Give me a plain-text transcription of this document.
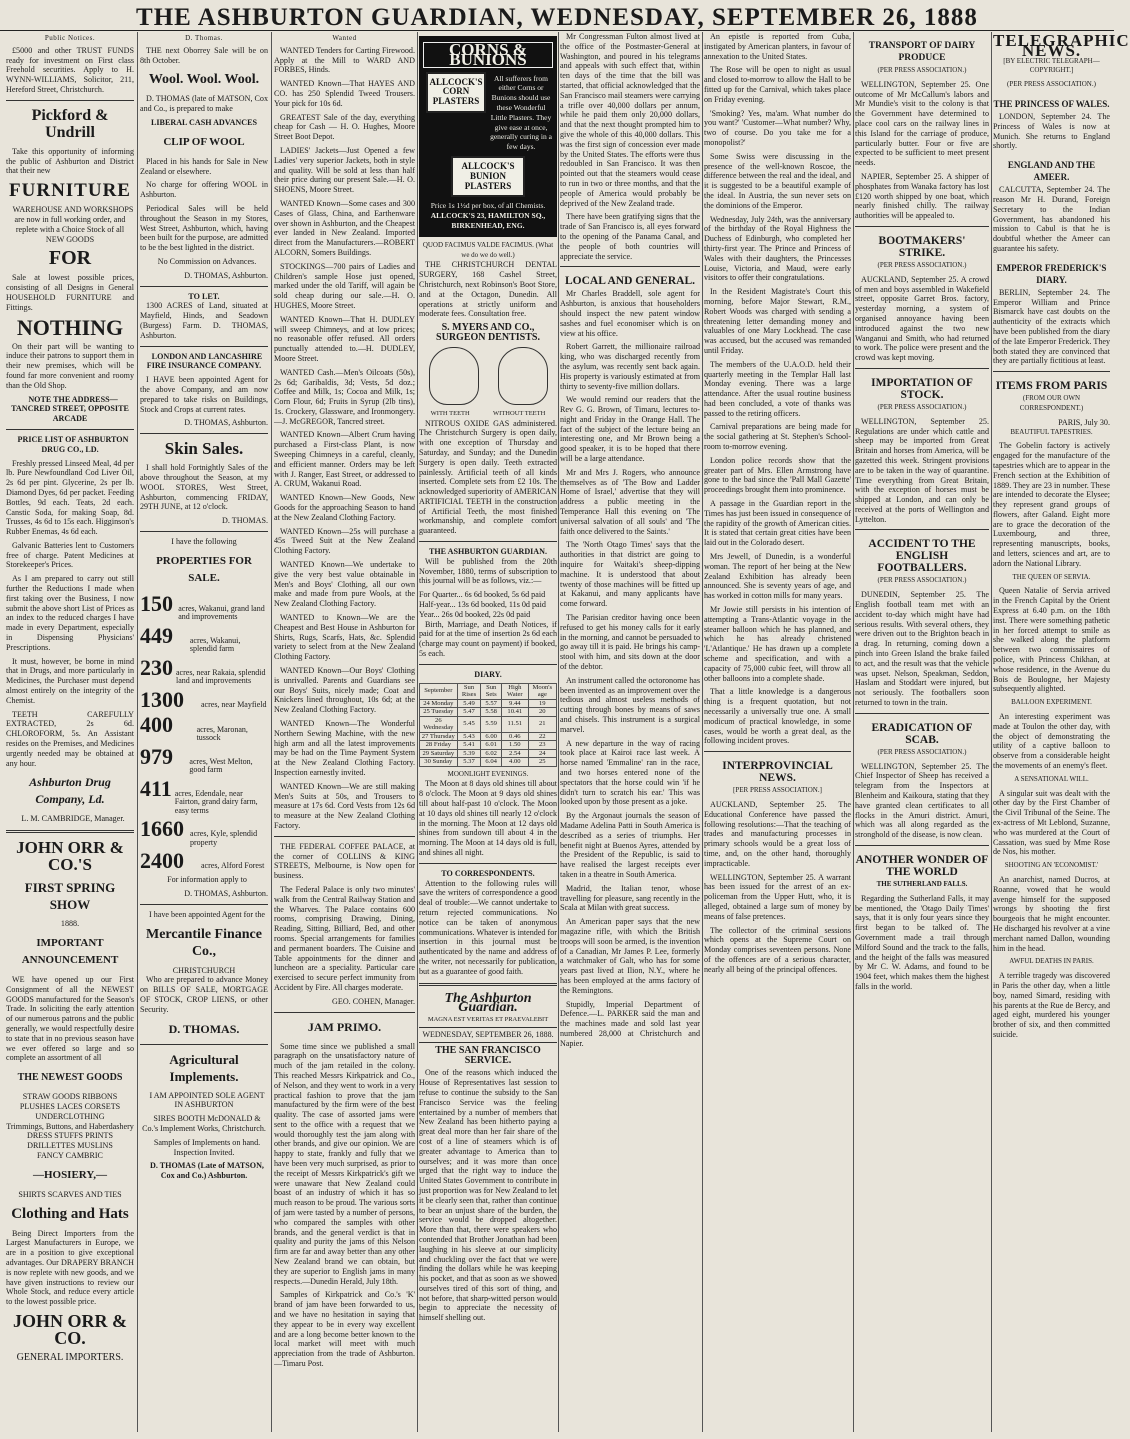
THE ASHBURTON GUARDIAN, WEDNESDAY, SEPTEMBER 26, 1888
Public Notices.

£5000 and other TRUST FUNDS ready for investment on First class Freehold securities. Apply to H. WYNN-WILLIAMS, Solicitor, 211, Hereford Street, Christchurch.

Pickford & Undrill

Take this opportunity of informing the public of Ashburton and District that their new

FURNITURE

WAREHOUSE AND WORKSHOPS are now in full working order, and replete with a Choice Stock of all NEW GOODS

FOR

Sale at lowest possible prices, consisting of all Designs in General HOUSEHOLD FURNITURE and Fittings.

NOTHING

On their part will be wanting to induce their patrons to support them in their new premises, which will be found far more convenient and roomy than the Old Shop.

NOTE THE ADDRESS— TANCRED STREET, OPPOSITE ARCADE

PRICE LIST OF ASHBURTON DRUG CO., LD.

Freshly pressed Linseed Meal, 4d per lb. Pure Newfoundland Cod Liver Oil, 2s 6d per pint. Glycerine, 2s per lb. Diamond Dyes, 6d per packet. Feeding Bottles, 9d each. Teats, 2d each. Canstic Soda, for making Soap, 8d. Trusses, 4s 6d to 15s each. Higginson's Rubber Enemas, 4s 6d each.

Galvanic Batteries lent to Customers free of charge. Patent Medicines at Storekeeper's Prices.

As I am prepared to carry out still further the Reductions I made when first taking over the Business, I now submit the above short List of Prices as an index to the reduced charges I have made in every Department, especially in Dispensing Physicians' Prescriptions.

It must, however, be borne in mind that in Drugs, and more particularly in Medicines, the Purchaser must depend almost entirely on the integrity of the Chemist.

TEETH CAREFULLY EXTRACTED, 2s 6d. CHLOROFORM, 5s. An Assistant resides on the Premises, and Medicines urgently needed may be obtained at any hour.

Ashburton Drug Company, Ld.

L. M. CAMBRIDGE, Manager.

JOHN ORR & CO.'S
FIRST SPRING SHOW
1888.
IMPORTANT ANNOUNCEMENT

WE have opened up our First Consignment of all the NEWEST GOODS manufactured for the Season's Trade. In soliciting the early attention of our numerous patrons and the public generally, we would respectfully desire to state that in no previous season have we ever offered so large and so complete an assortment of all

THE NEWEST GOODS
STRAW GOODS RIBBONS
PLUSHES LACES CORSETS
UNDERCLOTHING
Trimmings, Buttons, and Haberdashery
DRESS STUFFS PRINTS
DRILLETTES MUSLINS
FANCY CAMBRIC
—HOSIERY,—
SHIRTS SCARVES AND TIES
Clothing and Hats

Being Direct Importers from the Largest Manufacturers in Europe, we are in a position to give exceptional advantages. Our DRAPERY BRANCH is now replete with new goods, and we have given instructions to review our Whole Stock, and reduce every article to the lowest possible price.

JOHN ORR & CO.
GENERAL IMPORTERS.
D. Thomas.

THE next Oborrey Sale will be on 8th October.

Wool. Wool. Wool.

D. THOMAS (late of MATSON, Cox and Co., is prepared to make

LIBERAL CASH ADVANCES
CLIP OF WOOL

Placed in his hands for Sale in New Zealand or elsewhere.

No charge for offering WOOL in Ashburton.

Periodical Sales will be held throughout the Season in my Stores, West Street, Ashburton, which, having been built for the purpose, are admitted to be the best lighted in the district.

No Commission on Advances.

D. THOMAS, Ashburton.

TO LET.

1300 ACRES of Land, situated at Mayfield, Hinds, and Seadown (Burgess) Farm. D. THOMAS, Ashburton.

LONDON AND LANCASHIRE FIRE INSURANCE COMPANY.

I HAVE been appointed Agent for the above Company, and am now prepared to take risks on Buildings, Stock and Crops at current rates.

D. THOMAS, Ashburton.

Skin Sales.

I shall hold Fortnightly Sales of the above throughout the Season, at my WOOL STORES, West Street, Ashburton, commencing FRIDAY, 29TH JUNE, at 12 o'clock.

D. THOMAS.

I have the following
PROPERTIES FOR SALE.
150 acres, Wakanui, grand land and improvements
449	acres, Wakanui, splendid farm
230 acres, near Rakaia, splendid land and improvements
1300	acres, near Mayfield
400	acres, Maronan, tussock
979	acres, West Melton, good farm
411 acres, Edendale, near Fairton, grand dairy farm, easy terms
1660 acres, Kyle, splendid property
2400	acres, Alford Forest

For information apply to

D. THOMAS, Ashburton.

I have been appointed Agent for the

Mercantile Finance Co.,
CHRISTCHURCH

Who are prepared to advance Money on BILLS OF SALE, MORTGAGE OF STOCK, CROP LIENS, or other Security.

D. THOMAS.
Agricultural Implements.

I AM APPOINTED SOLE AGENT IN ASHBURTON

SIRES BOOTH McDONALD & Co.'s Implement Works, Christchurch.

Samples of Implements on hand. Inspection Invited.

D. THOMAS (Late of MATSON, Cox and Co.) Ashburton.

Wanted

WANTED Tenders for Carting Firewood. Apply at the Mill to WARD AND FORBES, Hinds.

WANTED Known—That HAYES AND CO. has 250 Splendid Tweed Trousers. Your pick for 10s 6d.

GREATEST Sale of the day, everything cheap for Cash — H. O. Hughes, Moore Street Boot Depot.

LADIES' Jackets—Just Opened a few Ladies' very superior Jackets, both in style and quality. Will be sold at less than half their price during our present Sale.—H. O. SHOENS, Moore Street.

WANTED Known—Some cases and 300 Cases of Glass, China, and Earthenware over shown in Ashburton, and the Cheapest ever landed in New Zealand. Imported direct from the Manufacturers.—ROBERT ALCORN, Somers Buildings.

STOCKINGS—700 pairs of Ladies and Children's sample Hose just opened, marked under the old Tariff, will again be sold cheap during our sale.—H. O. HUGHES, Moore Street.

WANTED Known—That H. DUDLEY will sweep Chimneys, and at low prices; no reasonable offer refused. All orders punctually attended to.—H. DUDLEY, Moore Street.

WANTED Cash.—Men's Oilcoats (50s), 2s 6d; Garibaldis, 3d; Vests, 5d doz.; Coffee and Milk, 1s; Cocoa and Milk, 1s; Corn Flour, 6d; Fruits in Syrup (2lb tins), 1s. Crockery, Glassware, and Ironmongery.—J. McGREGOR, Tancred street.

WANTED Known—Albert Crum having purchased a First-class Plant, is now Sweeping Chimneys in a careful, cleanly, and efficient manner. Orders may be left with J. Ranger, East Street, or addressed to A. CRUM, Wakanui Road.

WANTED Known—New Goods, New Goods for the approaching Season to hand at the New Zealand Clothing Factory.

WANTED Known—25s will purchase a 45s Tweed Suit at the New Zealand Clothing Factory.

WANTED Known—We undertake to give the very best value obtainable in Men's and Boys' Clothing, all our own make and made from pure Wools, at the New Zealand Clothing Factory.

WANTED to Known—We are the Cheapest and Best House in Ashburton for Shirts, Rugs, Scarfs, Hats, &c. Splendid variety to select from at the New Zealand Clothing Factory.

WANTED Known—Our Boys' Clothing is unrivalled. Parents and Guardians see our Boys' Suits, nicely made; Coat and Knickers lined throughout, 10s 6d; at the New Zealand Clothing Factory.

WANTED Known—The Wonderful Northern Sewing Machine, with the new high arm and all the latest improvements may be had on the Time Payment System at the New Zealand Clothing Factory. Inspection earnestly invited.

WANTED Known—We are still making Men's Suits at 50s, and Trousers to measure at 17s 6d. Cord Vests from 12s 6d to measure at the New Zealand Clothing Factory.

THE FEDERAL COFFEE PALACE, at the corner of COLLINS & KING STREETS, Melbourne, is Now open for business.

The Federal Palace is only two minutes' walk from the Central Railway Station and the Wharves. The Palace contains 600 rooms, comprising Drawing, Dining, Reading, Sitting, Billiard, Bed, and other rooms. Special arrangements for families and permanent boarders. The Cuisine and Table appointments for the dinner and luncheon are a speciality. Particular care exercised to secure perfect immunity from Accident by Fire. All charges moderate.

GEO. COHEN, Manager.

JAM PRIMO.

Some time since we published a small paragraph on the unsatisfactory nature of much of the jam retailed in the colony. This reached Messrs Kirkpatrick and Co., of Nelson, and they went to work in a very practical fashion to prove that the jam manufactured by the firm were of the best quality. The case of assorted jams were sent to the office with a request that we would thoroughly test the jam along with other brands, and give our opinion. We are happy to state, frankly and fully that we have been very much surprised, as prior to the receipt of Messrs Kirkpatrick's gift we were unaware that New Zealand could boast of an industry of which it has so much reason to be proud. The various sorts of jam were tasted by a number of persons, who compared the samples with other brands, and the general verdict is that in quality and purity the jams of this Nelson firm are far and away better than any other New Zealand brand we can obtain, but they are superior to English jams in many respects.—Dunedin Herald, July 18th.

Samples of Kirkpatrick and Co.'s 'K' brand of jam have been forwarded to us, and we have no hesitation in saying that they appear to be in every way excellent and are a long become better known to the local market will meet with much appreciation from the trade of Ashburton.—Timaru Post.

CORNS & BUNIONS
ALLCOCK'S CORN PLASTERS All sufferers from either Corns or Bunions should use these Wonderful Little Plasters. They give ease at once, generally curing in a few days.
ALLCOCK'S BUNION PLASTERS
Price 1s 1½d per box, of all Chemists.
ALLCOCK'S 23, HAMILTON SQ., BIRKENHEAD, ENG.
QUOD FACIMUS VALDE FACIMUS. (What we do we do well.)

THE CHRISTCHURCH DENTAL SURGERY, 168 Cashel Street, Christchurch, next Robinson's Boot Store, and at the Octagon, Dunedin. All operations at strictly uniform and moderate fees. Consultation free.

S. MYERS AND CO., SURGEON DENTISTS.
WITH TEETH	WITHOUT TEETH

NITROUS OXIDE GAS administered. The Christchurch Surgery is open daily, with one exception of Thursday and Saturday, and Sunday; and the Dunedin Surgery is open daily. Teeth extracted painlessly. Artificial teeth of all kinds inserted. Complete sets from £2 10s. The acknowledged superiority of AMERICAN ARTIFICIAL TEETH in the construction of Artificial Teeth, the most finished workmanship, and complete comfort guaranteed.

THE ASHBURTON GUARDIAN.

Will be published from the 20th November, 1880, terms of subscription to this journal will be as follows, viz.:—

For Quarter... 6s 6d booked, 5s 6d paid
Half-year... 13s 6d booked, 11s 0d paid
Year... 26s 0d booked, 22s 0d paid

Birth, Marriage, and Death Notices, if paid for at the time of insertion 2s 6d each (charge may count on payment) if booked, 5s each.

DIARY.
September	Sun Rises	Sun Sets	High Water	Moon's age
24 Monday	5.49	5.57	9.44	19
25 Tuesday	5.47	5.58	10.41	20
26 Wednesday	5.45	5.59	11.51	21
27 Thursday	5.43	6.00	0.46	22
28 Friday	5.41	6.01	1.50	23
29 Saturday	5.39	6.02	2.54	24
30 Sunday	5.37	6.04	4.00	25
MOONLIGHT EVENINGS.

The Moon at 8 days old shines till about 8 o'clock. The Moon at 9 days old shines till about half-past 10 o'clock. The Moon at 10 days old shines till nearly 12 o'clock in the morning. The Moon at 12 days old shines from sundown till about 4 in the morning. The Moon at 14 days old is full, and shines all night.

TO CORRESPONDENTS.

Attention to the following rules will save the writers of correspondence a good deal of trouble:—We cannot undertake to return rejected communications. No notice can be taken of anonymous communications. Whatever is intended for insertion in this journal must be authenticated by the name and address of the writer, not necessarily for publication, but as a guarantee of good faith.

The Ashburton Guardian.
MAGNA EST VERITAS ET PRAEVALEBIT
WEDNESDAY, SEPTEMBER 26, 1888.
THE SAN FRANCISCO SERVICE.

One of the reasons which induced the House of Representatives last session to refuse to continue the subsidy to the San Francisco Service was the feeling entertained by a number of members that New Zealand has been hitherto paying a great deal more than her fair share of the cost of a line of steamers which is of greater advantage to America than to ourselves; and it was more than once urged that the right way to induce the United States Government to contribute in just proportion was for New Zealand to let it be clearly seen that, rather than continue to bear an unjust share of the burden, the service would be dropped altogether. More than that, there were speakers who contended that Brother Jonathan had been laughing in his sleeve at our simplicity and chuckling over the fact that we were finding the dollars while he was keeping his pocket, and that as soon as we showed ourselves tired of this sort of thing, and not before, that sharp-witted person would begin to appreciate the necessity of himself shelling out.

Mr Congressman Fulton almost lived at the office of the Postmaster-General at Washington, and poured in his telegrams and appeals with such effect that, within ten days of the time that the bill was started, that official acknowledged that the San Francisco mail steamers were carrying a trifle over 40,000 dollars per annum, while he paid them only 20,000 dollars, and that the next thought prompted him to give the whole of this 40,000 dollars. This was the first sign of concession ever made by the United States. The efforts were thus redoubled in San Francisco. It was then pointed out that the steamers would cease to run in two or three months, and that the people of America would probably be deprived of the New Zealand trade.

There have been gratifying signs that the trade of San Francisco is, all eyes forward to the opening of the Panama Canal, and the people of both countries will appreciate the service.

LOCAL AND GENERAL.

Mr Charles Braddell, sole agent for Ashburton, is anxious that householders should inspect the new patent window sashes and fuel economiser which is on view at his office.

Robert Garrett, the millionaire railroad king, who was discharged recently from the asylum, was recently sent back again. His property is variously estimated at from thirty to seventy-five million dollars.

We would remind our readers that the Rev G. G. Brown, of Timaru, lectures to-night and Friday in the Orange Hall. The fact of the subject of the lecture being an interesting one, and Mr Brown being a good speaker, it is to be hoped that there will be a large attendance.

Mr and Mrs J. Rogers, who announce themselves as of 'The Bow and Ladder Home of Israel,' advertise that they will address a public meeting in the Temperance Hall this evening on 'The universal salvation of all souls' and 'The faith once delivered to the Saints.'

The 'North Otago Times' says that the authorities in that district are going to inquire for Waitaki's sheep-dipping machine. It is understood that about twenty of those machines will be fitted up at Kakanui, and many applicants have come forward.

The Parisian creditor having once been refused to get his money calls for it early in the morning, and cannot be persuaded to go away till it is paid. He brings his camp-stool with him, and sits down at the door of the debtor.

An instrument called the octoronome has been invented as an improvement over the tedious and almost useless methods of cutting through bones by means of saws and chisels. This instrument is a surgical marvel.

A new departure in the way of racing took place at Kairoi race last week. A horse named 'Emmaline' ran in the race, and two horses entered none of the spectators that the horse could win 'if he didn't turn to scratch his ear.' This was looked upon by those present as a joke.

By the Argonaut journals the season of Madame Adelina Patti in South America is described as a series of triumphs. Her benefit night at Buenos Ayres, attended by the President of the Republic, is said to have realised the largest receipts ever taken in a theatre in South America.

Madrid, the Italian tenor, whose travelling for pleasure, sang recently in the Scala at Milan with great success.

An American paper says that the new magazine rifle, with which the British troops will soon be armed, is the invention of a Canadian, Mr James P. Lee, formerly a watchmaker of Galt, who has for some years past lived at Ilion, N.Y., where he has been employed at the arms factory of the Remingtons.

Stupidly, Imperial Department of Defence.—L. PARKER said the man and the machines made and sold last year numbered 28,000 at Christchurch and Napier.

An epistle is reported from Cuba, instigated by American planters, in favour of annexation to the United States.

The Rose will be open to night as usual and closed to-morrow to allow the Hall to be fitted up for the Carnival, which takes place on Friday evening.

'Smoking? Yes, ma'am. What number do you want?' 'Customer—What number? Why, two of course. Do you take me for a monopolist?'

Some Swiss were discussing in the presence of the well-known Roscoe, the difference between the real and the ideal, and it is suggested to be a beautiful example of the ideal. In Austria, the sun never sets on the dominions of the Emperor.

Wednesday, July 24th, was the anniversary of the birthday of the Royal Highness the Duchess of Edinburgh, who completed her thirty-first year. The Prince and Princess of Wales with their daughters, the Princesses Louise, Victoria, and Maud, were early visitors to offer their congratulations.

In the Resident Magistrate's Court this morning, before Major Stewart, R.M., Robert Woods was charged with sending a threatening letter demanding money and valuables of one Mary Lockhead. The case was accused, but the accused was remanded until Friday.

The members of the U.A.O.D. held their quarterly meeting in the Templar Hall last Monday evening. There was a large attendance. After the usual routine business had been concluded, a vote of thanks was passed to the retiring officers.

Carnival preparations are being made for the social gathering at St. Stephen's School-room to-morrow evening.

London police records show that the greater part of Mrs. Ellen Armstrong have gone to the bad since the 'Pall Mall Gazette' proceedings brought them into prominence.

A passage in the Guardian report in the Times has just been issued in consequence of the rapidity of the growth of American cities. It is stated that certain great cities have been laid out in the Colorado desert.

Mrs Jewell, of Dunedin, is a wonderful woman. The report of her being at the New Zealand Exhibition has already been announced. She is seventy years of age, and has worked in cotton mills for many years.

Mr Jowie still persists in his intention of attempting a Trans-Atlantic voyage in the steamer balloon which he has planned, and which he has already christened 'L'Atlantique.' He has drawn up a complete scheme and specification, and with a capacity of 75,000 cubic feet, will throw all other balloons into a complete shade.

That a little knowledge is a dangerous thing is a frequent quotation, but not necessarily a universally true one. A small modicum of practical knowledge, in some cases, would be worth a great deal, as the following incident proves.

INTERPROVINCIAL NEWS.
[PER PRESS ASSOCIATION.]

AUCKLAND, September 25. The Educational Conference have passed the following resolutions:—That the teaching of trades and manufacturing processes in primary schools would be a great loss of time, and, on the other hand, thoroughly impracticable.

WELLINGTON, September 25. A warrant has been issued for the arrest of an ex-policeman from the Upper Hutt, who, it is alleged, obtained a large sum of money by means of false pretences.

The collector of the criminal sessions which opens at the Supreme Court on Monday comprises seventeen persons. None of the offences are of a serious character, nearly all being of the principal offences.

TRANSPORT OF DAIRY PRODUCE
(PER PRESS ASSOCIATION.)

WELLINGTON, September 25. One outcome of Mr McCallum's labors and Mr Mundie's visit to the colony is that the Government have determined to place cool cars on the railway lines in this Island for the carriage of produce, particularly butter. Four or five are expected to be sufficient to meet present needs.

NAPIER, September 25. A shipper of phosphates from Wanaka factory has lost £120 worth shipped by one boat, which nearly finished chilly. The railway authorities will be appealed to.

BOOTMAKERS' STRIKE.
(PER PRESS ASSOCIATION.)

AUCKLAND, September 25. A crowd of men and boys assembled in Wakefield street, opposite Garret Bros. factory, yesterday morning, a system of organised annoyance having been introduced against the two new Wanganui and Smith, who had returned to work. The police were present and the crowd was kept moving.

IMPORTATION OF STOCK.
(PER PRESS ASSOCIATION.)

WELLINGTON, September 25. Regulations are under which cattle and sheep may be imported from Great Britain and horses from America, will be gazetted this week. Stringent provisions are to be taken in the way of quarantine. Time everything from Great Britain, with the exception of horses must be shipped at London, and can only be received at the ports of Wellington and Lyttelton.

ACCIDENT TO THE ENGLISH FOOTBALLERS.
(PER PRESS ASSOCIATION.)

DUNEDIN, September 25. The English football team met with an accident to-day which might have had serious results. With several others, they were driven out to the Brighton beach in a drag. In returning, coming down a pinch into Green Island the brake failed to act, and the result was that the vehicle was upset. Nelson, Speakman, Seddon, Haslam and Stoddart were injured, but not seriously. The footballers soon returned to town in the train.

ERADICATION OF SCAB.
(PER PRESS ASSOCIATION.)

WELLINGTON, September 25. The Chief Inspector of Sheep has received a telegram from the Inspectors at Blenheim and Kaikoura, stating that they have granted clean certificates to all flocks in the Amuri district. Amuri, which was all along regarded as the stronghold of the disease, is now clean.

ANOTHER WONDER OF THE WORLD
THE SUTHERLAND FALLS.

Regarding the Sutherland Falls, it may be mentioned, the 'Otago Daily Times' says, that it is only four years since they first began to be talked of. The Government made a trail through Milford Sound and the track to the falls, and the height of the falls was measured by Mr C. W. Adams, and found to be 1904 feet, which makes them the highest falls in the world.

TELEGRAPHIC NEWS.
[BY ELECTRIC TELEGRAPH—COPYRIGHT.]
(PER PRESS ASSOCIATION.)
THE PRINCESS OF WALES.

LONDON, September 24. The Princess of Wales is now at Munich. She returns to England shortly.

ENGLAND AND THE AMEER.

CALCUTTA, September 24. The reason Mr H. Durand, Foreign Secretary to the Indian Government, has abandoned his mission to Cabul is that he is doubtful whether the Ameer can guarantee his safety.

EMPEROR FREDERICK'S DIARY.

BERLIN, September 24. The Emperor William and Prince Bismarck have cast doubts on the authenticity of the extracts which have been published from the diary of the late Emperor Frederick. They both stated they are convinced that they are partially fictitious at least.

ITEMS FROM PARIS
(FROM OUR OWN CORRESPONDENT.)
PARIS, July 30.
BEAUTIFUL TAPESTRIES.

The Gobelin factory is actively engaged for the manufacture of the tapestries which are to appear in the French section at the Exhibition of 1889. They are 23 in number. These are intended to decorate the Elysee; they represent grand groups of flowers, after Galand. Eight more are to grace the decoration of the Luxembourg, and three, representing manuscripts, books, and letters, sciences and art, are to adorn the National Library.

THE QUEEN OF SERVIA.

Queen Natalie of Servia arrived in the French Capital by the Orient Express at 6.40 p.m. on the 18th inst. There were something pathetic in her forced attempt to smile as she walked along the platform between two commissaires of police, with Princess Chikhan, at whose residence, in the Avenue du Bois de Boulogne, her Majesty subsequently alighted.

BALLOON EXPERIMENT.

An interesting experiment was made at Toulon the other day, with the object of demonstrating the utility of a captive balloon to observe from a considerable height the movements of an enemy's fleet.

A SENSATIONAL WILL.

A singular suit was dealt with the other day by the First Chamber of the Civil Tribunal of the Seine. The ex-actress of Mt Leblond, Suzanne, who was murdered at the Court of Cassation, was sued by Mme Rose de Nos, his mother.

SHOOTING AN 'ECONOMIST.'

An anarchist, named Ducros, at Roanne, vowed that he would avenge himself for the supposed wrongs by shooting the first bourgeois that he might encounter. He discharged his revolver at a vine merchant named Dallon, wounding him in the head.

AWFUL DEATHS IN PARIS.

A terrible tragedy was discovered in Paris the other day, when a little boy, named Simard, residing with his parents at the Rue de Bercy, and aged eight, murdered his younger brother of six, and then committed suicide.
